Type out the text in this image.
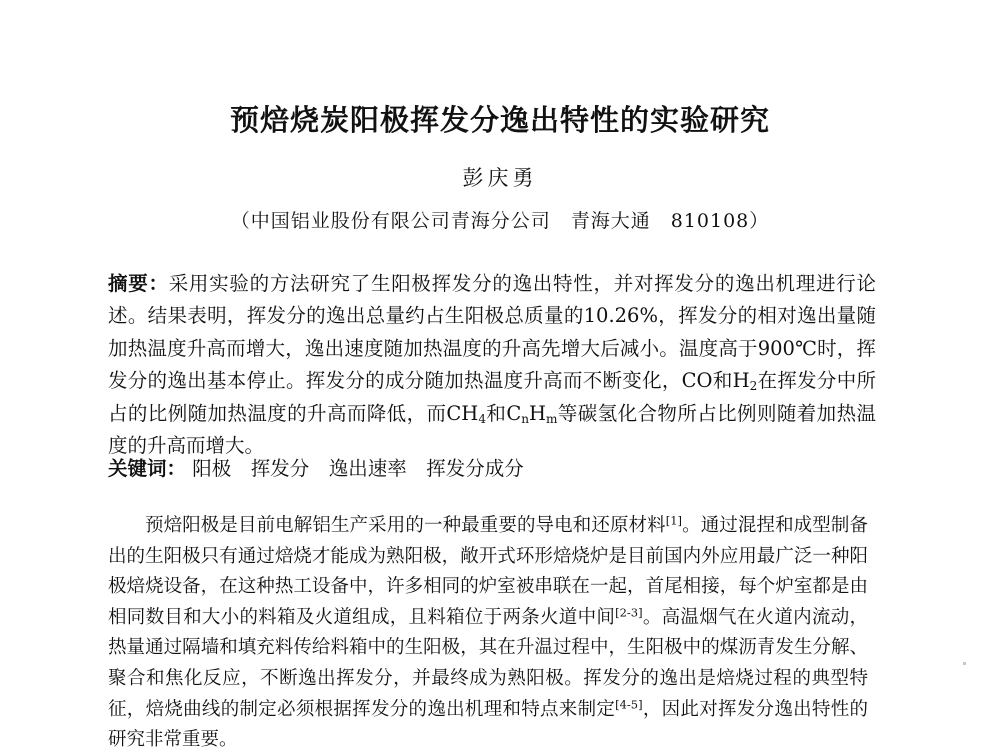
预焙烧炭阳极挥发分逸出特性的实验研究
彭庆勇
（中国铝业股份有限公司青海分公司　青海大通　810108）

摘要：采用实验的方法研究了生阳极挥发分的逸出特性，并对挥发分的逸出机理进行论述。结果表明，挥发分的逸出总量约占生阳极总质量的10.26%，挥发分的相对逸出量随加热温度升高而增大，逸出速度随加热温度的升高先增大后减小。温度高于900℃时，挥发分的逸出基本停止。挥发分的成分随加热温度升高而不断变化，CO和$H_2$在挥发分中所占的比例随加热温度的升高而降低，而$CH_4$和$C_nH_m$等碳氢化合物所占比例则随着加热温度的升高而增大。

关键词： 阳极　挥发分　逸出速率　挥发分成分

预焙阳极是目前电解铝生产采用的一种最重要的导电和还原材料[1]。通过混捏和成型制备出的生阳极只有通过焙烧才能成为熟阳极，敞开式环形焙烧炉是目前国内外应用最广泛一种阳极焙烧设备，在这种热工设备中，许多相同的炉室被串联在一起，首尾相接，每个炉室都是由相同数目和大小的料箱及火道组成，且料箱位于两条火道中间[2-3]。高温烟气在火道内流动，热量通过隔墙和填充料传给料箱中的生阳极，其在升温过程中，生阳极中的煤沥青发生分解、聚合和焦化反应，不断逸出挥发分，并最终成为熟阳极。挥发分的逸出是焙烧过程的典型特征，焙烧曲线的制定必须根据挥发分的逸出机理和特点来制定[4-5]，因此对挥发分逸出特性的研究非常重要。
